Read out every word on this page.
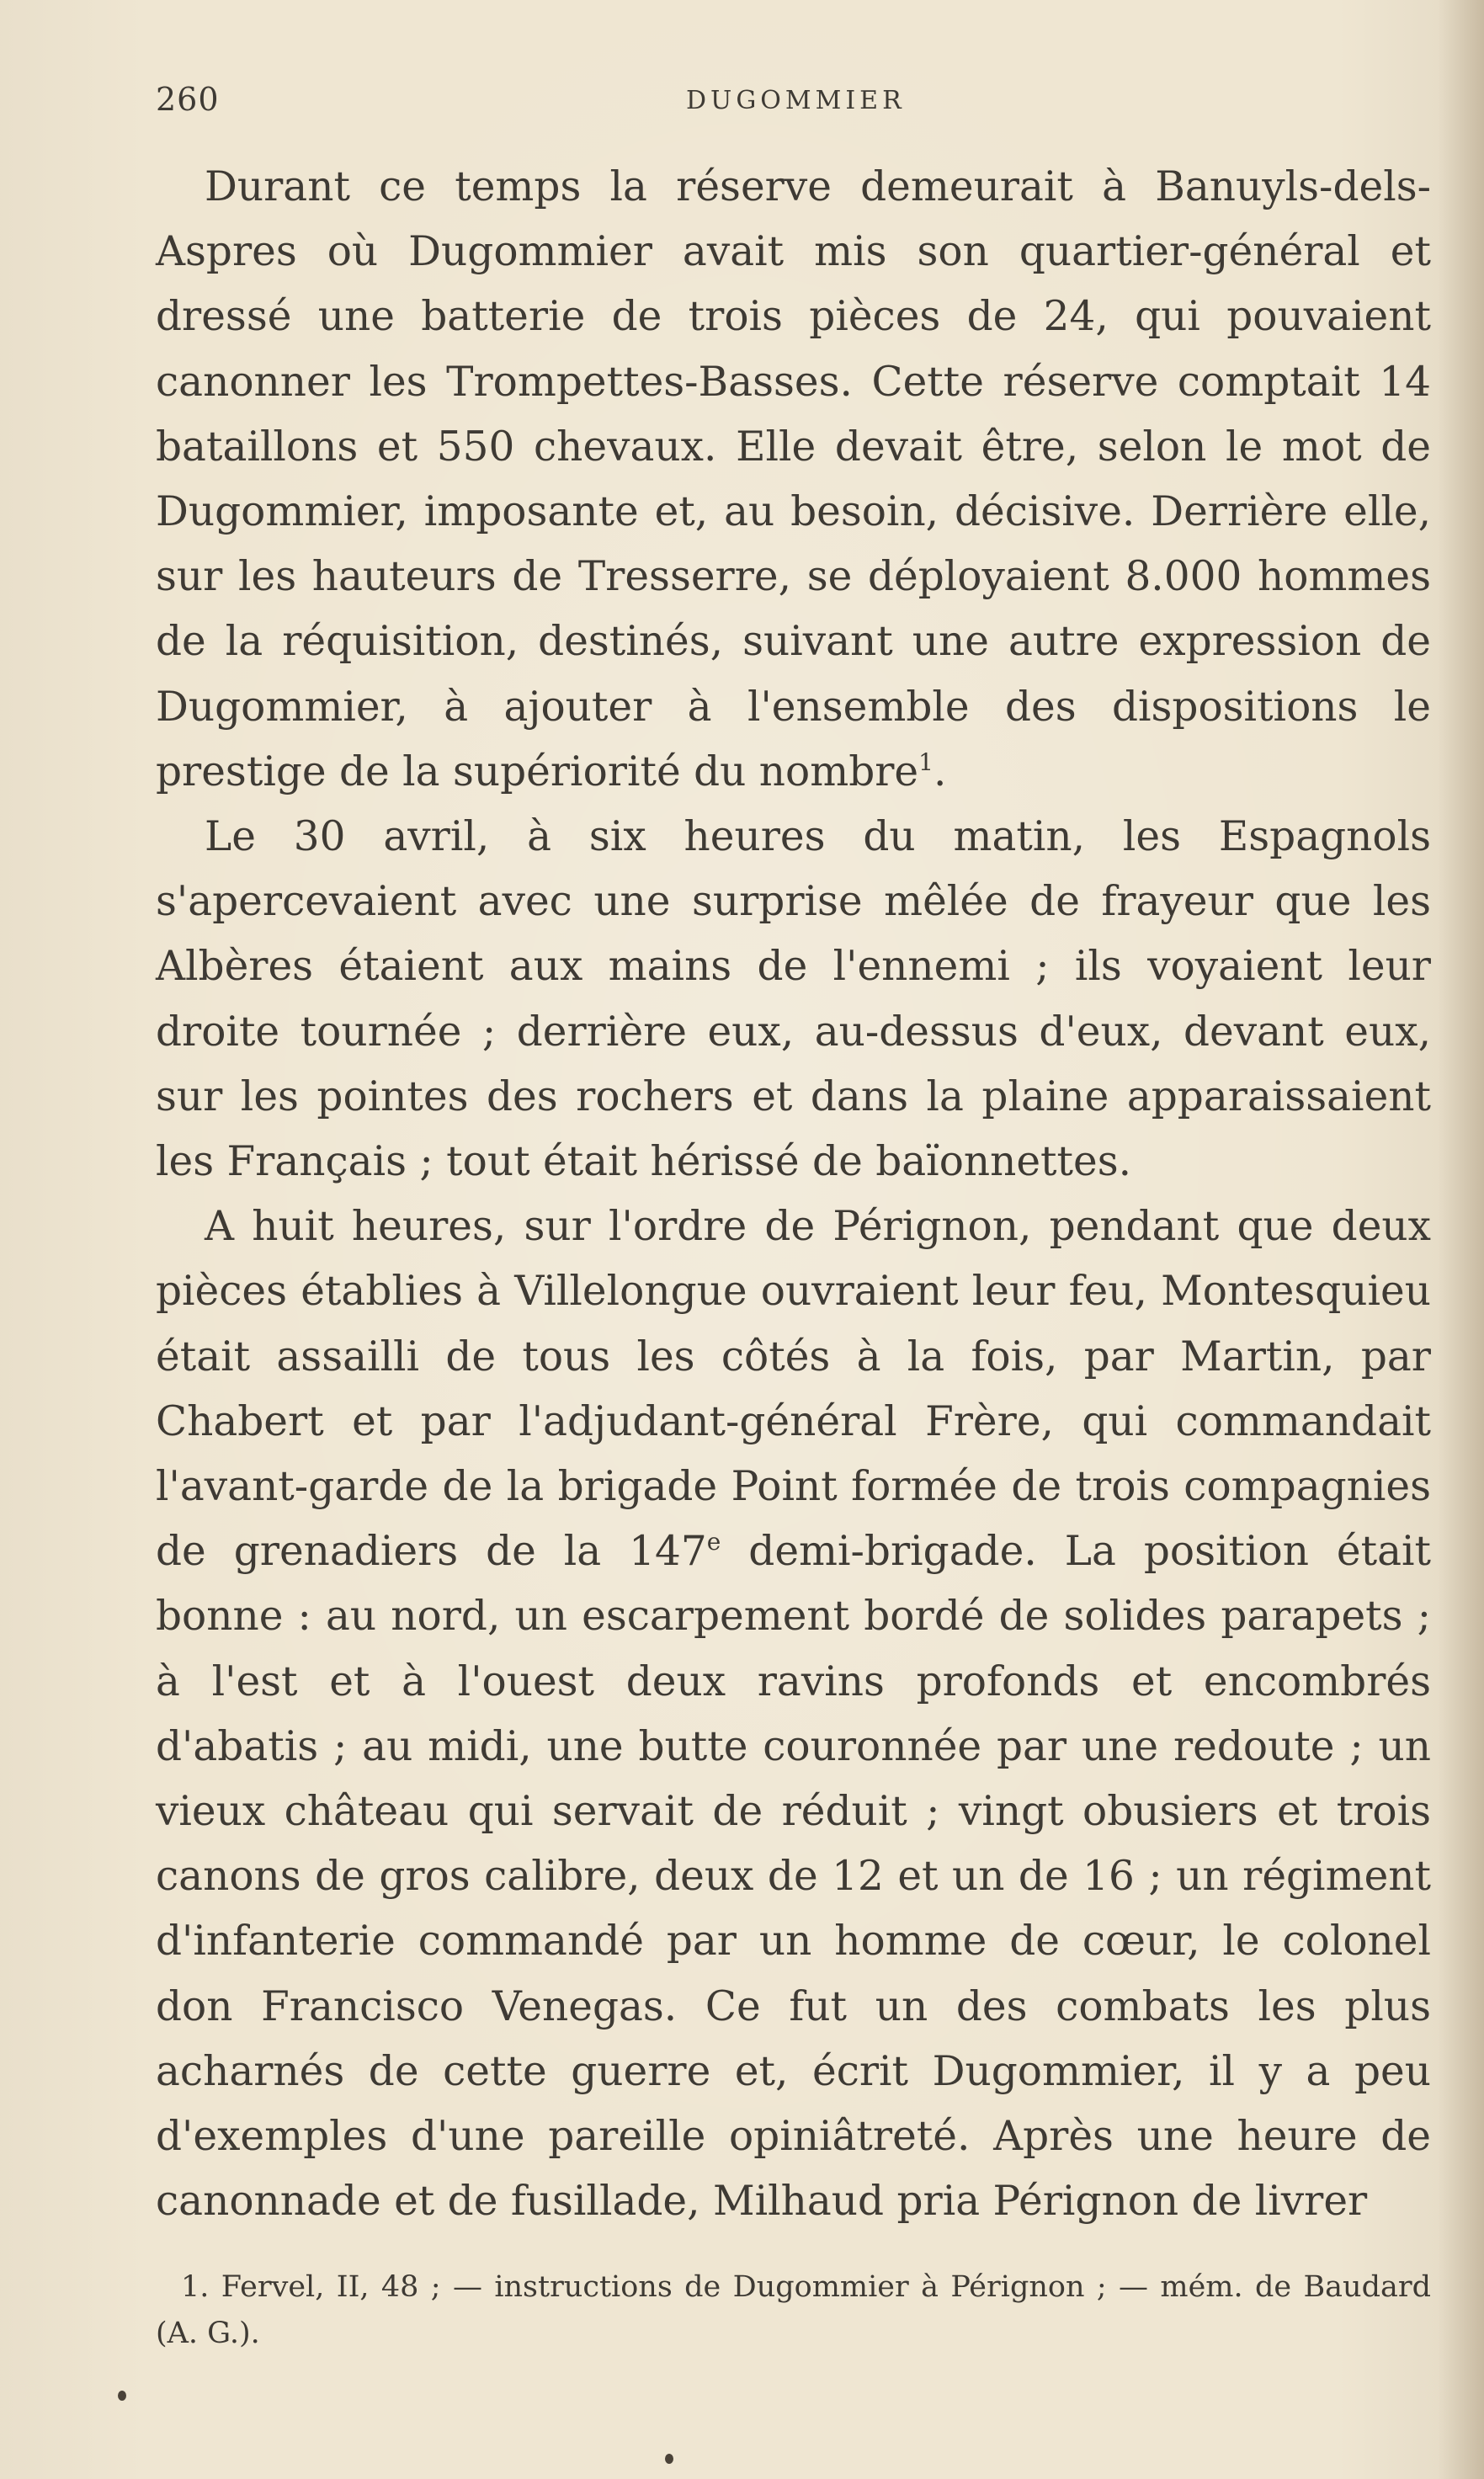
260	DUGOMMIER

Durant ce temps la réserve demeurait à Banuyls-dels-Aspres où Dugommier avait mis son quartier-général et dressé une batterie de trois pièces de 24, qui pouvaient canonner les Trompettes-Basses. Cette réserve comptait 14 bataillons et 550 chevaux. Elle devait être, selon le mot de Dugommier, imposante et, au besoin, décisive. Derrière elle, sur les hauteurs de Tresserre, se déployaient 8.000 hommes de la réquisition, destinés, suivant une autre expression de Dugommier, à ajouter à l'ensemble des dispositions le prestige de la supériorité du nombre$^1$.

Le 30 avril, à six heures du matin, les Espagnols s'apercevaient avec une surprise mêlée de frayeur que les Albères étaient aux mains de l'ennemi ; ils voyaient leur droite tournée ; derrière eux, au-dessus d'eux, devant eux, sur les pointes des rochers et dans la plaine apparaissaient les Français ; tout était hérissé de baïonnettes.

A huit heures, sur l'ordre de Pérignon, pendant que deux pièces établies à Villelongue ouvraient leur feu, Montesquieu était assailli de tous les côtés à la fois, par Martin, par Chabert et par l'adjudant-général Frère, qui commandait l'avant-garde de la brigade Point formée de trois compagnies de grenadiers de la 147e demi-brigade. La position était bonne : au nord, un escarpement bordé de solides parapets ; à l'est et à l'ouest deux ravins profonds et encombrés d'abatis ; au midi, une butte couronnée par une redoute ; un vieux château qui servait de réduit ; vingt obusiers et trois canons de gros calibre, deux de 12 et un de 16 ; un régiment d'infanterie commandé par un homme de cœur, le colonel don Francisco Venegas. Ce fut un des combats les plus acharnés de cette guerre et, écrit Dugommier, il y a peu d'exemples d'une pareille opiniâtreté. Après une heure de canonnade et de fusillade, Milhaud pria Pérignon de livrer

1. Fervel, II, 48 ; — instructions de Dugommier à Pérignon ; — mém. de Baudard (A. G.).
